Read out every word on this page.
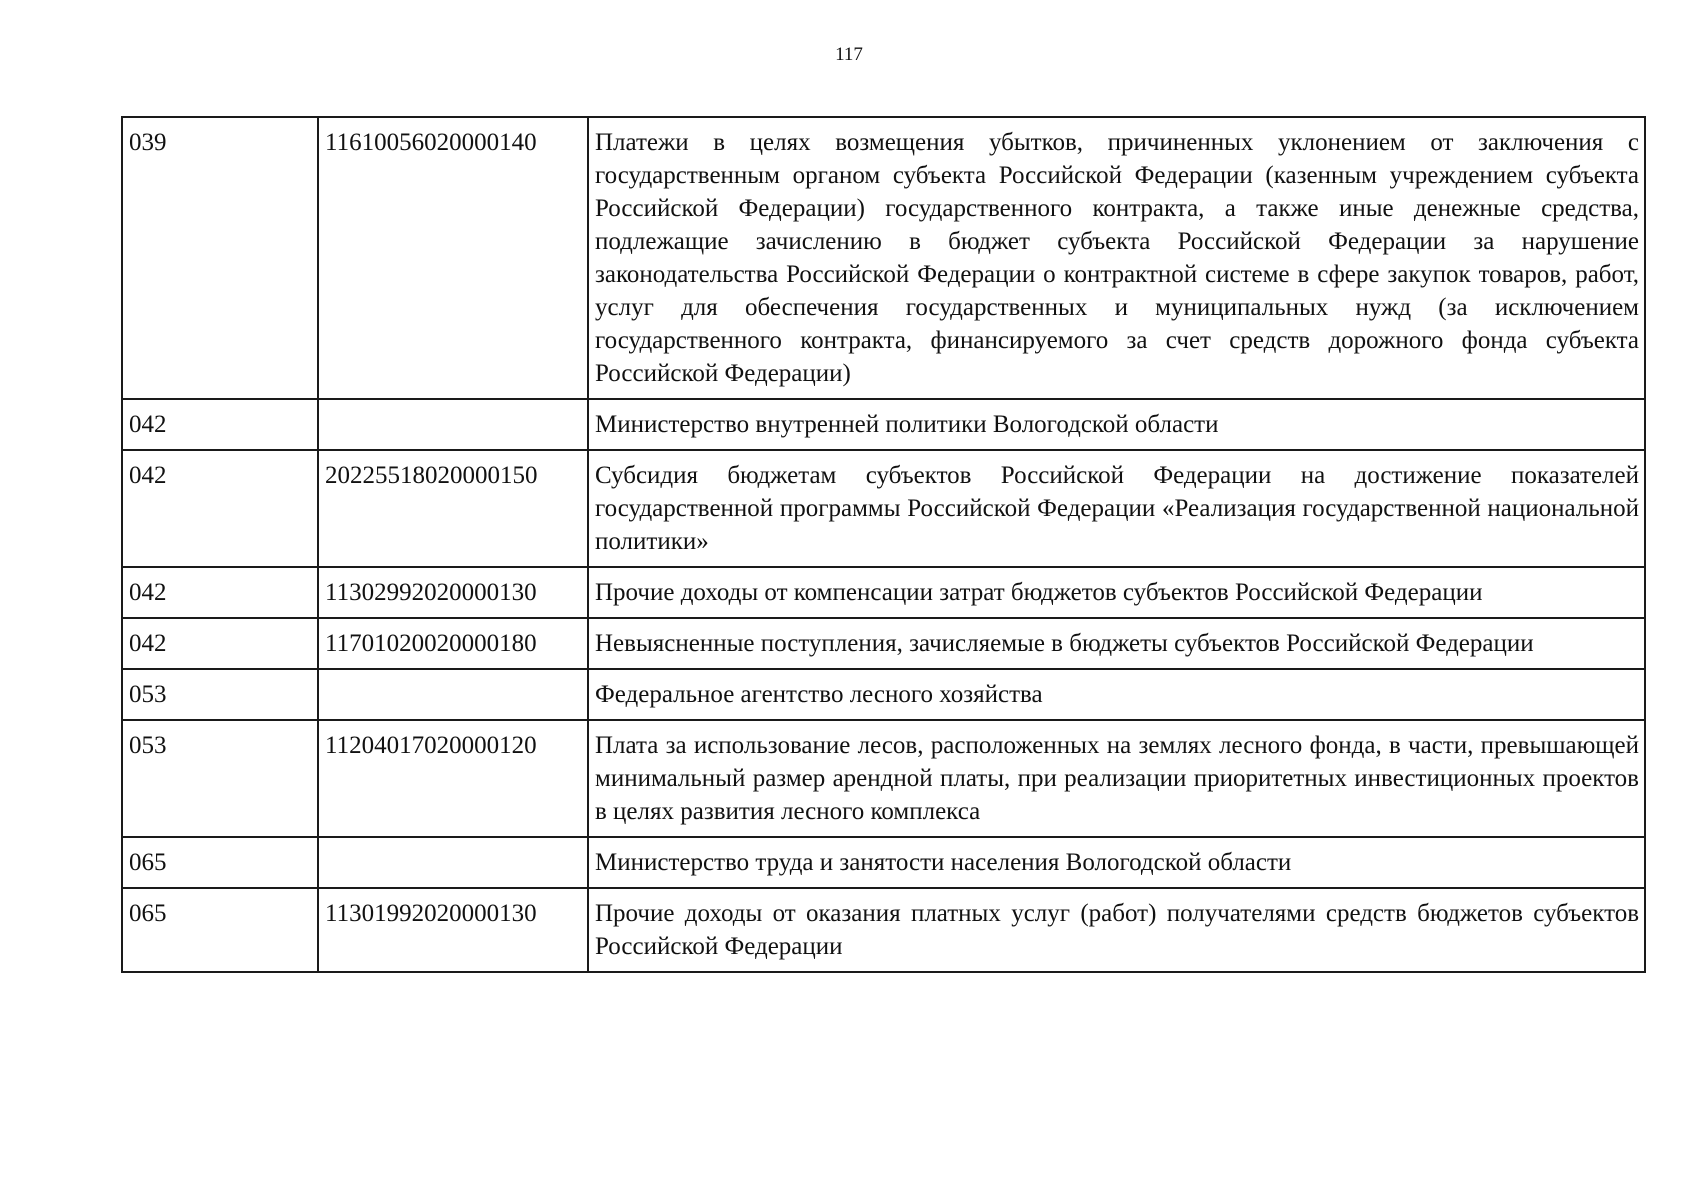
117
039	11610056020000140	Платежи в целях возмещения убытков, причиненных уклонением от заключения с государственным органом субъекта Российской Федерации (казенным учреждением субъекта Российской Федерации) государственного контракта, а также иные денежные средства, подлежащие зачислению в бюджет субъекта Российской Федерации за нарушение законодательства Российской Федерации о контрактной системе в сфере закупок товаров, работ, услуг для обеспечения государственных и муниципальных нужд (за исключением государственного контракта, финансируемого за счет средств дорожного фонда субъекта Российской Федерации)
042		Министерство внутренней политики Вологодской области
042	20225518020000150	Субсидия бюджетам субъектов Российской Федерации на достижение показателей государственной программы Российской Федерации «Реализация государственной национальной политики»
042	11302992020000130	Прочие доходы от компенсации затрат бюджетов субъектов Российской Федерации
042	11701020020000180	Невыясненные поступления, зачисляемые в бюджеты субъектов Российской Федерации
053		Федеральное агентство лесного хозяйства
053	11204017020000120	Плата за использование лесов, расположенных на землях лесного фонда, в части, превышающей минимальный размер арендной платы, при реализации приоритетных инвестиционных проектов в целях развития лесного комплекса
065		Министерство труда и занятости населения Вологодской области
065	11301992020000130	Прочие доходы от оказания платных услуг (работ) получателями средств бюджетов субъектов Российской Федерации
